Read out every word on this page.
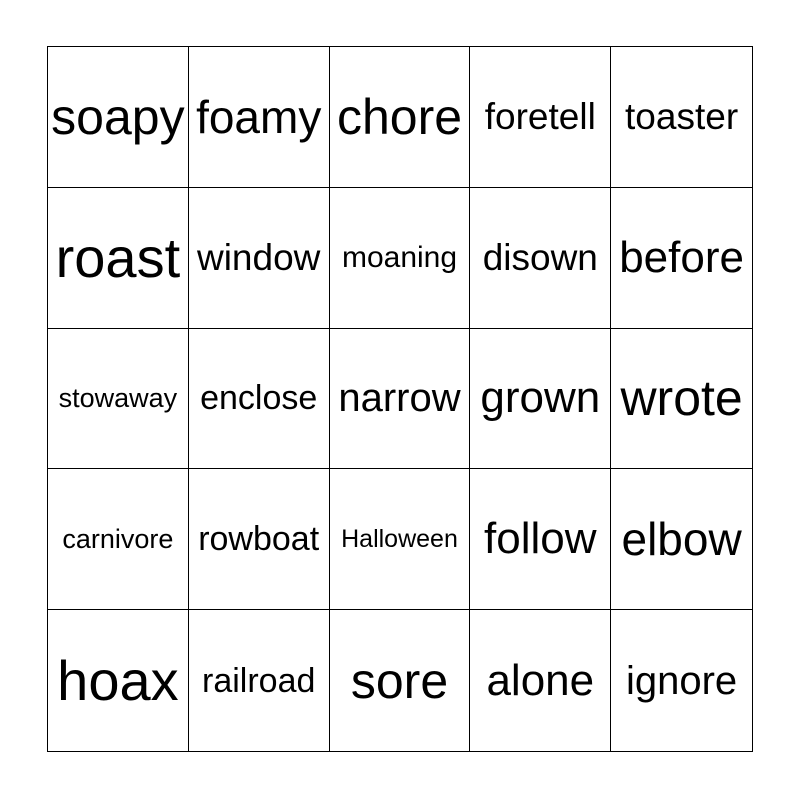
soapy foamy chore foretell toaster
roast window moaning disown before
stowaway enclose narrow grown wrote
carnivore rowboat Halloween follow elbow
hoax railroad sore alone ignore
